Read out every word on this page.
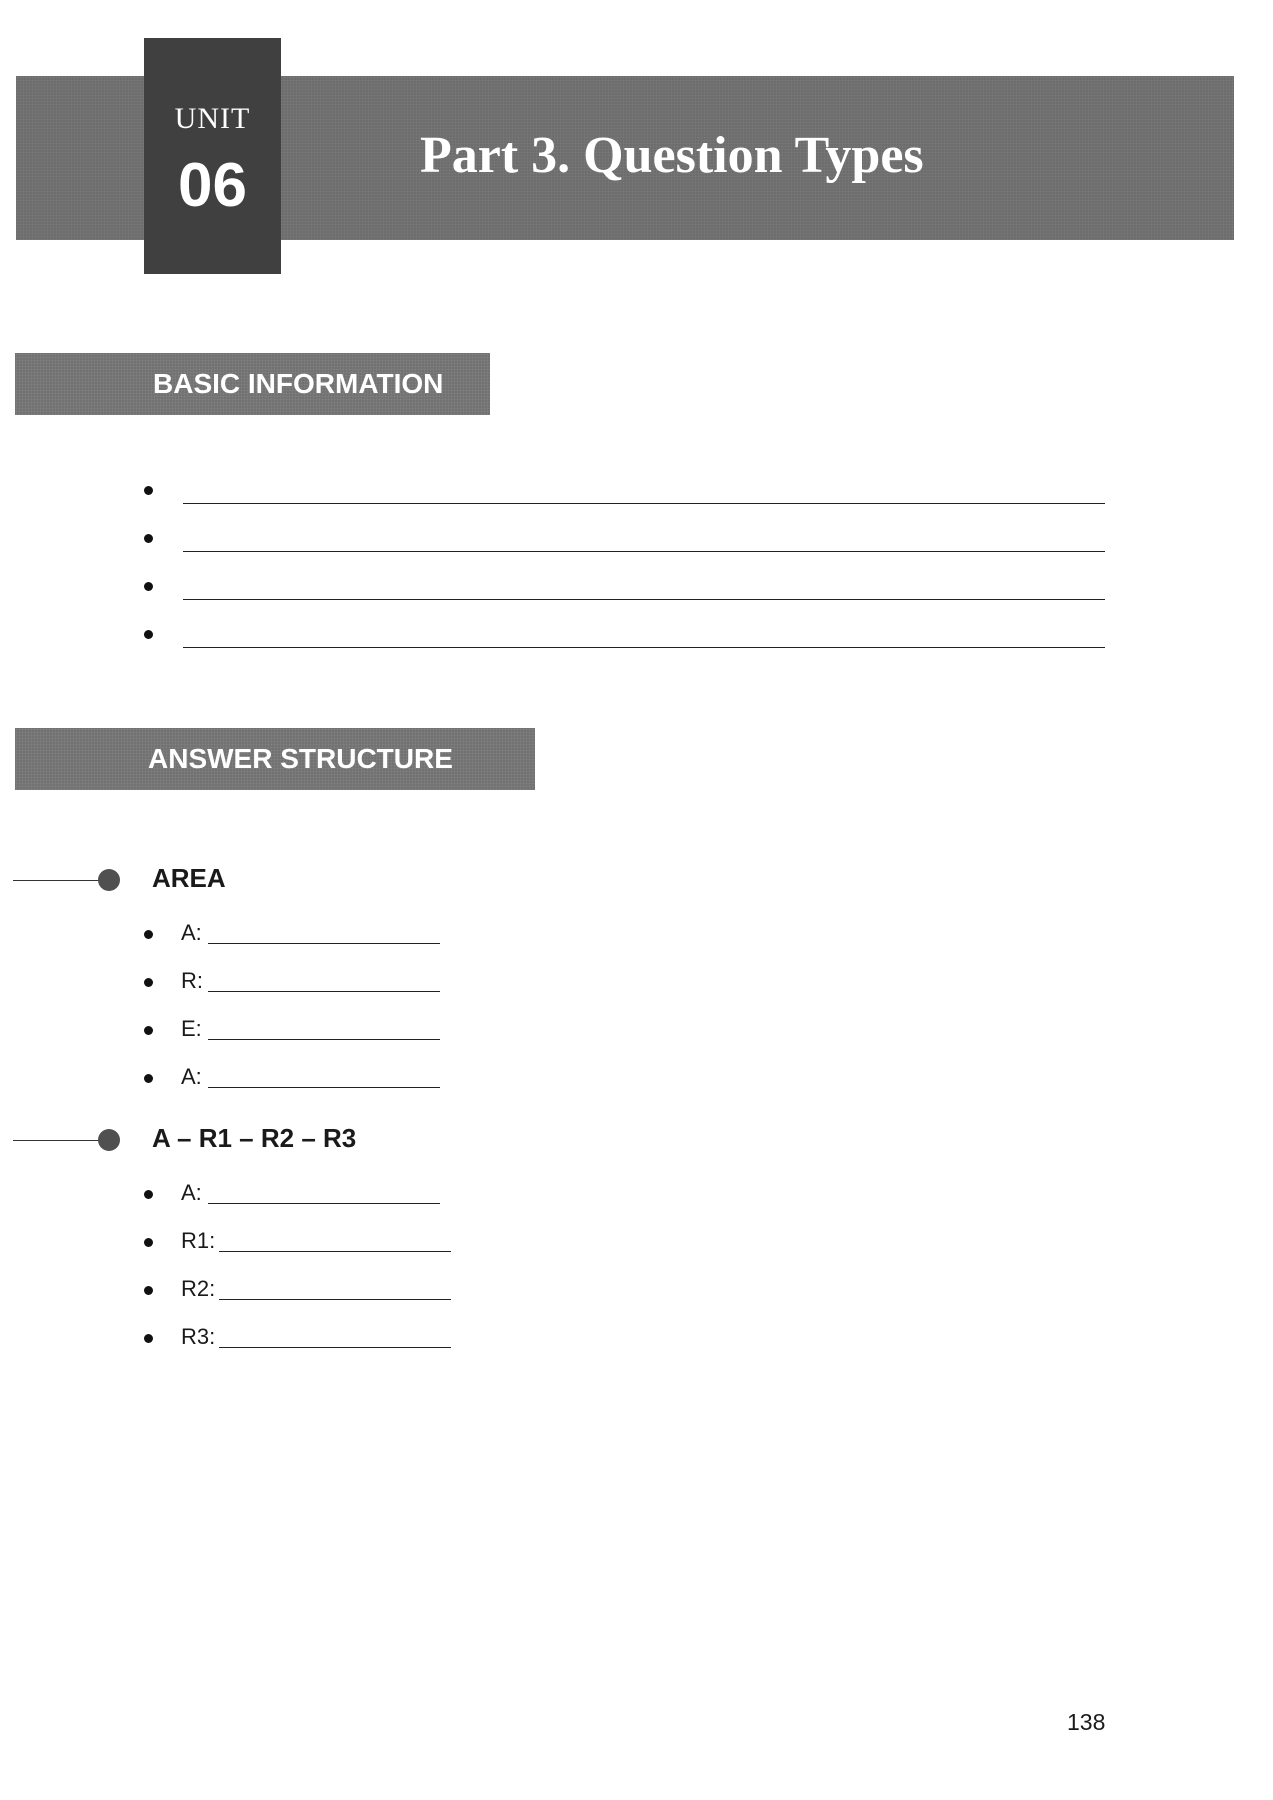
UNIT
06	Part 3. Question Types
BASIC INFORMATION
ANSWER STRUCTURE
AREA
A:
R:
E:
A:
A – R1 – R2 – R3
A:
R1:
R2:
R3:
138
